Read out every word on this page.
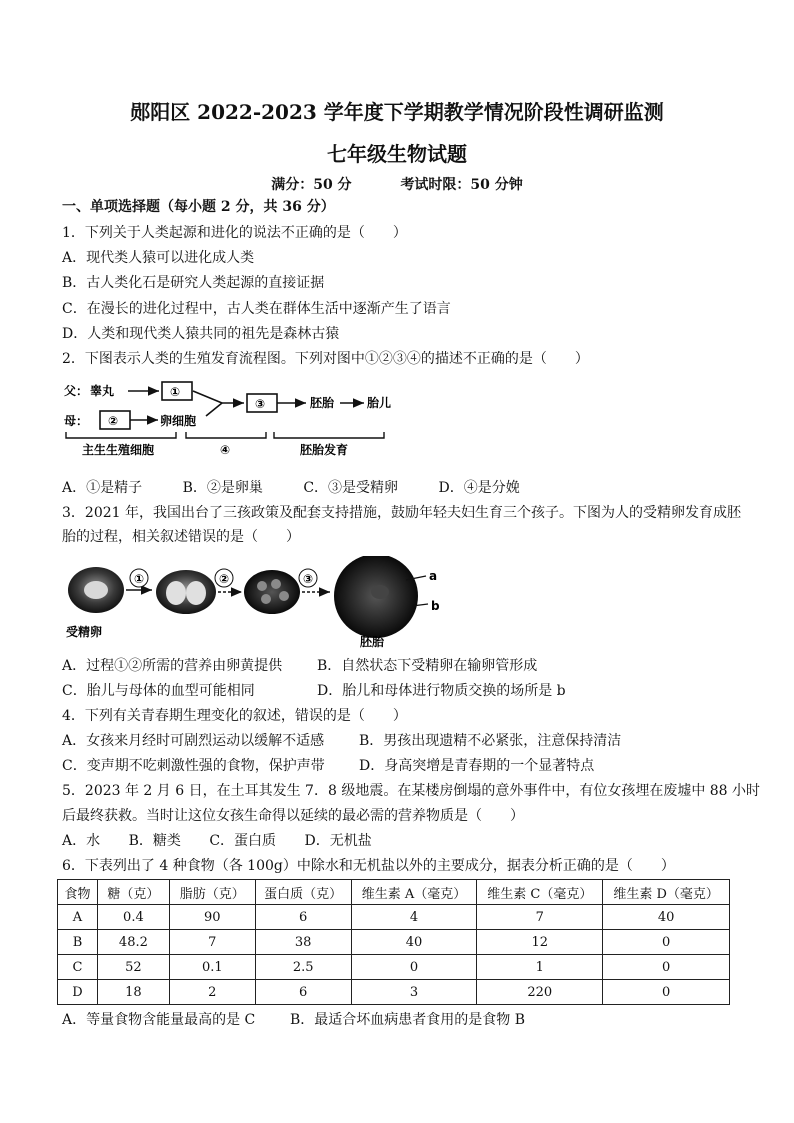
郧阳区 2022-2023 学年度下学期教学情况阶段性调研监测
七年级生物试题
满分：50 分	考试时限：50 分钟
一、单项选择题（每小题 2 分，共 36 分）
1．下列关于人类起源和进化的说法不正确的是（　　）
A．现代类人猿可以进化成人类
B．古人类化石是研究人类起源的直接证据
C．在漫长的进化过程中，古人类在群体生活中逐渐产生了语言
D．人类和现代类人猿共同的祖先是森林古猿
2．下图表示人类的生殖发育流程图。下列对图中①②③④的描述不正确的是（　　）
父： 睾丸	①
母： ②	卵细胞
③	胚胎	胎儿
主生生殖细胞	④	胚胎发育
A．①是精子	B．②是卵巢	C．③是受精卵	D．④是分娩
3．2021 年，我国出台了三孩政策及配套支持措施，鼓励年轻夫妇生育三个孩子。下图为人的受精卵发育成胚
胎的过程，相关叙述错误的是（　　）
①	②	③	a
b
受精卵
胚胎
A．过程①②所需的营养由卵黄提供 B．自然状态下受精卵在输卵管形成
C．胎儿与母体的血型可能相同	D．胎儿和母体进行物质交换的场所是 b
4．下列有关青春期生理变化的叙述，错误的是（　　）
A．女孩来月经时可剧烈运动以缓解不适感 B．男孩出现遗精不必紧张，注意保持清洁
C．变声期不吃刺激性强的食物，保护声带 D．身高突增是青春期的一个显著特点
5．2023 年 2 月 6 日，在土耳其发生 7．8 级地震。在某楼房倒塌的意外事件中，有位女孩埋在废墟中 88 小时
后最终获救。当时让这位女孩生命得以延续的最必需的营养物质是（　　）
A．水 B．糖类 C．蛋白质 D．无机盐
6．下表列出了 4 种食物（各 100g）中除水和无机盐以外的主要成分，据表分析正确的是（　　）
食物	糖（克）	脂肪（克）	蛋白质（克）	维生素 A（毫克）	维生素 C（毫克）	维生素 D（毫克）
A	0.4	90	6	4	7	40
B	48.2	7	38	40	12	0
C	52	0.1	2.5	0	1	0
D	18	2	6	3	220	0
A．等量食物含能量最高的是 C B．最适合坏血病患者食用的是食物 B
